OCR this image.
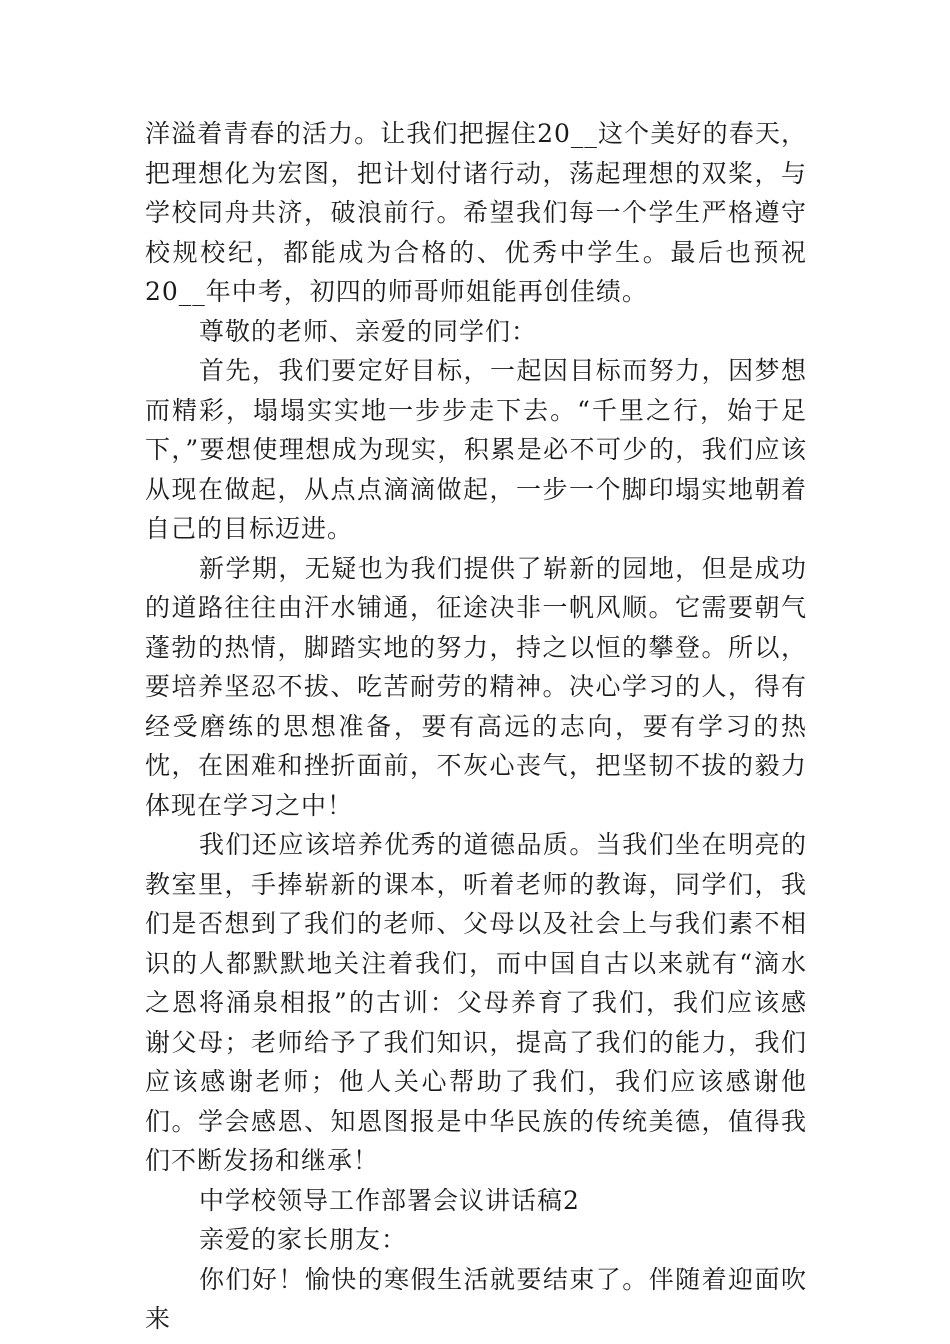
洋溢着青春的活力。让我们把握住20__这个美好的春天，把理想化为宏图，把计划付诸行动，荡起理想的双桨，与学校同舟共济，破浪前行。希望我们每一个学生严格遵守校规校纪，都能成为合格的、优秀中学生。最后也预祝20__年中考，初四的师哥师姐能再创佳绩。

尊敬的老师、亲爱的同学们：

首先，我们要定好目标，一起因目标而努力，因梦想而精彩，塌塌实实地一步步走下去。“千里之行，始于足下，”要想使理想成为现实，积累是必不可少的，我们应该从现在做起，从点点滴滴做起，一步一个脚印塌实地朝着自己的目标迈进。

新学期，无疑也为我们提供了崭新的园地，但是成功的道路往往由汗水铺通，征途决非一帆风顺。它需要朝气蓬勃的热情，脚踏实地的努力，持之以恒的攀登。所以，要培养坚忍不拔、吃苦耐劳的精神。决心学习的人，得有经受磨练的思想准备，要有高远的志向，要有学习的热忱，在困难和挫折面前，不灰心丧气，把坚韧不拔的毅力体现在学习之中！

我们还应该培养优秀的道德品质。当我们坐在明亮的教室里，手捧崭新的课本，听着老师的教诲，同学们，我们是否想到了我们的老师、父母以及社会上与我们素不相识的人都默默地关注着我们，而中国自古以来就有“滴水之恩将涌泉相报”的古训：父母养育了我们，我们应该感谢父母；老师给予了我们知识，提高了我们的能力，我们应该感谢老师；他人关心帮助了我们，我们应该感谢他们。学会感恩、知恩图报是中华民族的传统美德，值得我们不断发扬和继承！

中学校领导工作部署会议讲话稿2

亲爱的家长朋友：

你们好！愉快的寒假生活就要结束了。伴随着迎面吹来
